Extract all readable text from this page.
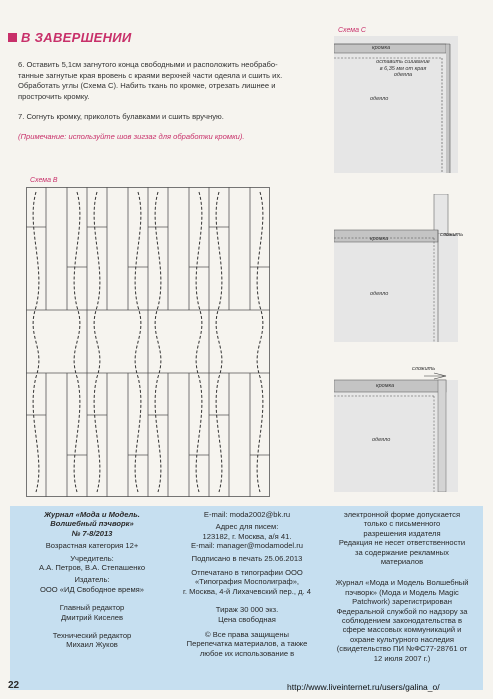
В ЗАВЕРШЕНИИ
6. Оставить 5,1см загнутого конца свободными и расположить необрабо-
танные загнутые края вровень с краями верхней части одеяла и сшить их.
Обработать углы (Схема С). Набить ткань по кромке, отрезать лишнее и
прострочить кромку.
7. Согнуть кромку, приколоть булавками и сшить вручную.
(Примечание: используйте шов зигзаг для обработки кромки).
Схема B
Схема C
кромка
оставить сшивание
в 6,35 мм от края
одеяла
одеяло
кромка
сложить
одеяло
сложить
кромка
одеяло
Журнал «Мода и Модель.
Волшебный пэчворк»
№ 7-8/2013
Возрастная категория 12+
Учредитель:
А.А. Петров, В.А. Степашенко
Издатель:
ООО «ИД Свободное время»
Главный редактор
Дмитрий Киселев
Технический редактор
Михаил Жуков
E-mail: moda2002@bk.ru
Адрес для писем:
123182, г. Москва, а/я 41.
E-mail: manager@modamodel.ru
Подписано в печать 25.06.2013
Отпечатано в типографии ООО
«Типография Мосполиграф»,
г. Москва, 4-й Лихачевский пер., д. 4
Тираж 30 000 экз.
Цена свободная
© Все права защищены
Перепечатка материалов, а также
любое их использование в
электронной форме допускается
только с письменного
разрешения издателя
Редакция не несет ответственности
за содержание рекламных
материалов
Журнал «Мода и Модель Волшебный
пэчворк» (Мода и Модель Magic
Patchwork) зарегистрирован
Федеральной службой по надзору за
соблюдением законодательства в
сфере массовых коммуникаций и
охране культурного наследия
(свидетельство ПИ №ФС77-28761 от
12 июля 2007 г.)
22	http://www.liveinternet.ru/users/galina_o/
